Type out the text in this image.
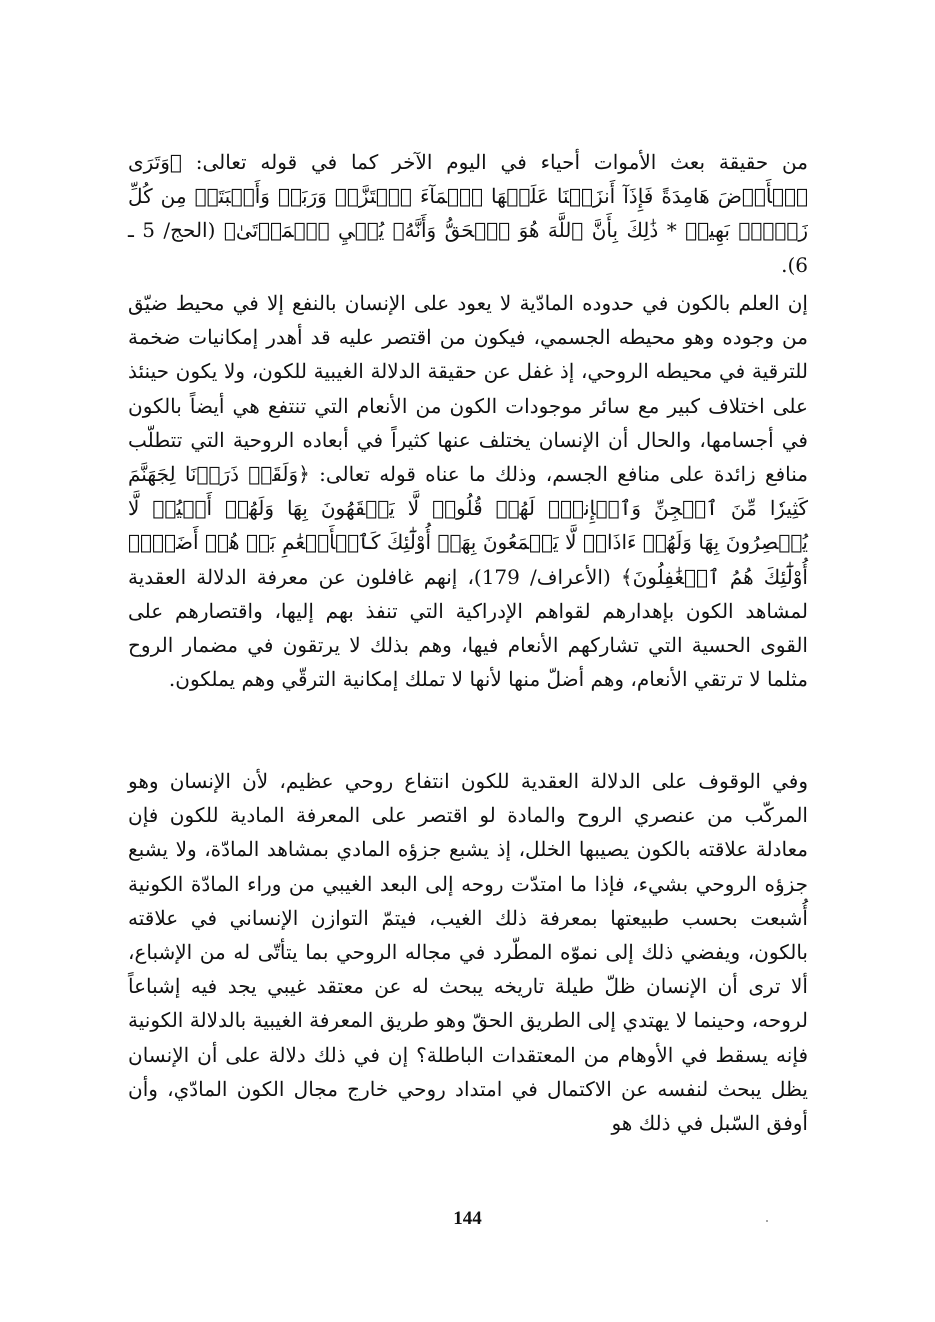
من حقيقة بعث الأموات أحياء في اليوم الآخر كما في قوله تعالى: ﴿وَتَرَى ٱلۡأَرۡضَ هَامِدَةً فَإِذَآ أَنزَلۡنَا عَلَيۡهَا ٱلۡمَآءَ ٱهۡتَزَّتۡ وَرَبَتۡ وَأَنۢبَتَتۡ مِن كُلِّ زَوۡجِۭ بَهِيجٖ * ذَٰلِكَ بِأَنَّ ٱللَّهَ هُوَ ٱلۡحَقُّ وَأَنَّهُۥ يُحۡيِ ٱلۡمَوۡتَىٰ﴾ (الحج/ 5 ـ 6).

إن العلم بالكون في حدوده المادّية لا يعود على الإنسان بالنفع إلا في محيط ضيّق من وجوده وهو محيطه الجسمي، فيكون من اقتصر عليه قد أهدر إمكانيات ضخمة للترقية في محيطه الروحي، إذ غفل عن حقيقة الدلالة الغيبية للكون، ولا يكون حينئذ على اختلاف كبير مع سائر موجودات الكون من الأنعام التي تنتفع هي أيضاً بالكون في أجسامها، والحال أن الإنسان يختلف عنها كثيراً في أبعاده الروحية التي تتطلّب منافع زائدة على منافع الجسم، وذلك ما عناه قوله تعالى: ﴿وَلَقَدۡ ذَرَأۡنَا لِجَهَنَّمَ كَثِيرٗا مِّنَ ٱلۡجِنِّ وَٱلۡإِنسِۖ لَهُمۡ قُلُوبٞ لَّا يَفۡقَهُونَ بِهَا وَلَهُمۡ أَعۡيُنٞ لَّا يُبۡصِرُونَ بِهَا وَلَهُمۡ ءَاذَانٞ لَّا يَسۡمَعُونَ بِهَآۚ أُوْلَٰٓئِكَ كَٱلۡأَنۡعَٰمِ بَلۡ هُمۡ أَضَلُّۚ أُوْلَٰٓئِكَ هُمُ ٱلۡغَٰفِلُونَ﴾ (الأعراف/ 179)، إنهم غافلون عن معرفة الدلالة العقدية لمشاهد الكون بإهدارهم لقواهم الإدراكية التي تنفذ بهم إليها، واقتصارهم على القوى الحسية التي تشاركهم الأنعام فيها، وهم بذلك لا يرتقون في مضمار الروح مثلما لا ترتقي الأنعام، وهم أضلّ منها لأنها لا تملك إمكانية الترقّي وهم يملكون.

وفي الوقوف على الدلالة العقدية للكون انتفاع روحي عظيم، لأن الإنسان وهو المركّب من عنصري الروح والمادة لو اقتصر على المعرفة المادية للكون فإن معادلة علاقته بالكون يصيبها الخلل، إذ يشبع جزؤه المادي بمشاهد المادّة، ولا يشبع جزؤه الروحي بشيء، فإذا ما امتدّت روحه إلى البعد الغيبي من وراء المادّة الكونية أُشبعت بحسب طبيعتها بمعرفة ذلك الغيب، فيتمّ التوازن الإنساني في علاقته بالكون، ويفضي ذلك إلى نموّه المطّرد في مجاله الروحي بما يتأتّى له من الإشباع، ألا ترى أن الإنسان ظلّ طيلة تاريخه يبحث له عن معتقد غيبي يجد فيه إشباعاً لروحه، وحينما لا يهتدي إلى الطريق الحقّ وهو طريق المعرفة الغيبية بالدلالة الكونية فإنه يسقط في الأوهام من المعتقدات الباطلة؟ إن في ذلك دلالة على أن الإنسان يظل يبحث لنفسه عن الاكتمال في امتداد روحي خارج مجال الكون المادّي، وأن أوفق السّبل في ذلك هو

144
